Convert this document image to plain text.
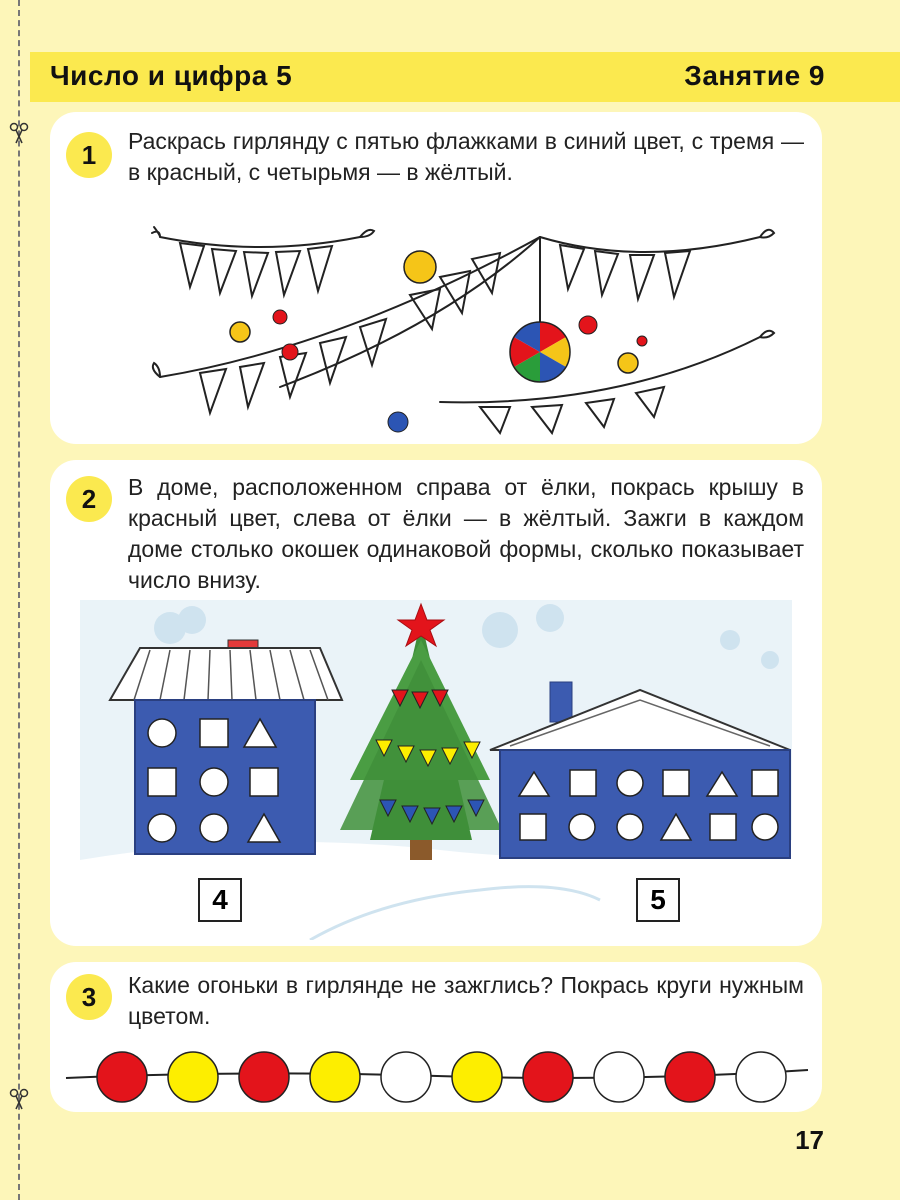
Число и цифра 5	Занятие 9
1	Раскрась гирлянду с пятью флажками в синий цвет, с тремя — в красный, с четырьмя — в жёлтый.
2	В доме, расположенном справа от ёлки, покрась крышу в красный цвет, слева от ёлки — в жёлтый. Зажги в каждом доме столько окошек одинаковой формы, сколько показывает число внизу.
4	5
3	Какие огоньки в гирлянде не зажглись? Покрась круги нужным цветом.
17
